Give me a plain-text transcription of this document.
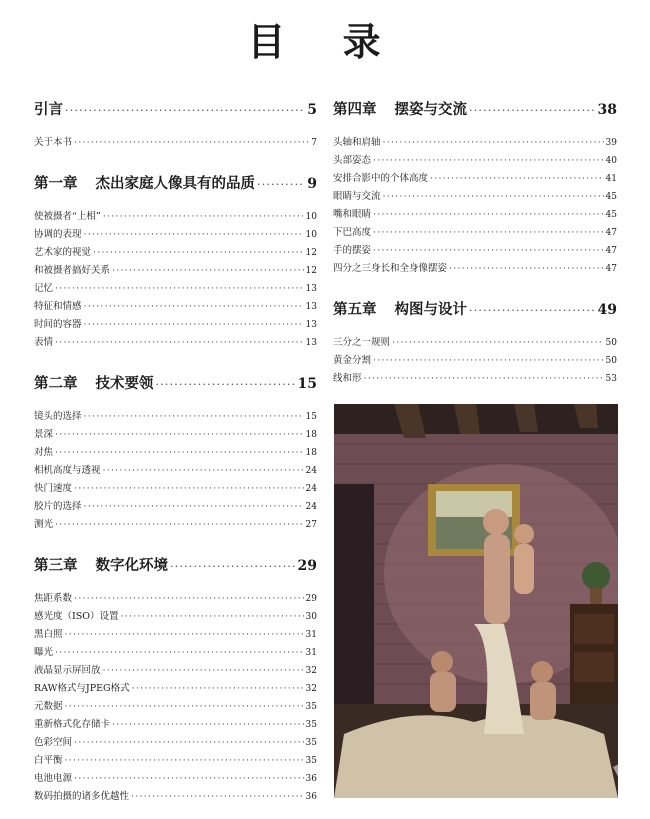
目 录
引言 ·····	5
关于本书 ·····	7
第一章 杰出家庭人像具有的品质 ·····	9
使被摄者“上相” ·····	10
协调的表现 ·····	10
艺术家的视觉 ·····	12
和被摄者搞好关系 ·····	12
记忆 ·····	13
特征和情感 ·····	13
时间的容器 ·····	13
表情 ·····	13
第二章 技术要领 ·····	15
镜头的选择 ·····	15
景深 ·····	18
对焦 ·····	18
相机高度与透视 ·····	24
快门速度 ·····	24
胶片的选择 ·····	24
测光 ·····	27
第三章 数字化环境 ·····	29
焦距系数 ·····	29
感光度（ISO）设置 ·····	30
黑白照 ·····	31
曝光 ·····	31
液晶显示屏回放 ·····	32
RAW格式与JPEG格式 ·····	32
元数据 ·····	35
重新格式化存储卡 ·····	35
色彩空间 ·····	35
白平衡 ·····	35
电池电源 ·····	36
数码拍摄的诸多优越性 ·····	36
第四章 摆姿与交流 ·····	38
头轴和肩轴 ·····	39
头部姿态 ·····	40
安排合影中的个体高度 ·····	41
眼睛与交流 ·····	45
嘴和眼睛 ·····	45
下巴高度 ·····	47
手的摆姿 ·····	47
四分之三身长和全身像摆姿 ·····	47
第五章 构图与设计 ·····	49
三分之一规则 ·····	50
黄金分割 ·····	50
线和形 ·····	53
DG
